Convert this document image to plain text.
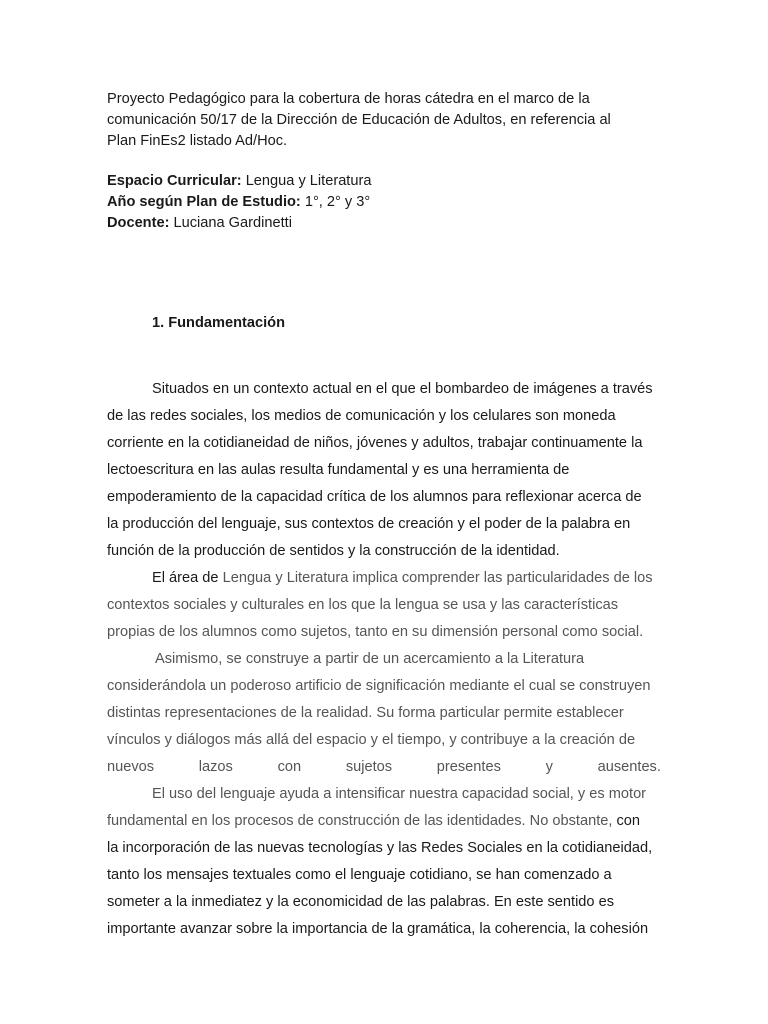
Proyecto Pedagógico para la cobertura de horas cátedra en el marco de la
comunicación 50/17 de la Dirección de Educación de Adultos, en referencia al
Plan FinEs2 listado Ad/Hoc.
Espacio Curricular: Lengua y Literatura
Año según Plan de Estudio: 1°, 2° y 3°
Docente: Luciana Gardinetti
1. Fundamentación
Situados en un contexto actual en el que el bombardeo de imágenes a través
de las redes sociales, los medios de comunicación y los celulares son moneda
corriente en la cotidianeidad de niños, jóvenes y adultos, trabajar continuamente la
lectoescritura en las aulas resulta fundamental y es una herramienta de
empoderamiento de la capacidad crítica de los alumnos para reflexionar acerca de
la producción del lenguaje, sus contextos de creación y el poder de la palabra en
función de la producción de sentidos y la construcción de la identidad.
El área de Lengua y Literatura implica comprender las particularidades de los
contextos sociales y culturales en los que la lengua se usa y las características
propias de los alumnos como sujetos, tanto en su dimensión personal como social.
Asimismo, se construye a partir de un acercamiento a la Literatura
considerándola un poderoso artificio de significación mediante el cual se construyen
distintas representaciones de la realidad. Su forma particular permite establecer
vínculos y diálogos más allá del espacio y el tiempo, y contribuye a la creación de
nuevos	lazos	con	sujetos	presentes	y	ausentes.
El uso del lenguaje ayuda a intensificar nuestra capacidad social, y es motor
fundamental en los procesos de construcción de las identidades. No obstante, con
la incorporación de las nuevas tecnologías y las Redes Sociales en la cotidianeidad,
tanto los mensajes textuales como el lenguaje cotidiano, se han comenzado a
someter a la inmediatez y la economicidad de las palabras. En este sentido es
importante avanzar sobre la importancia de la gramática, la coherencia, la cohesión
